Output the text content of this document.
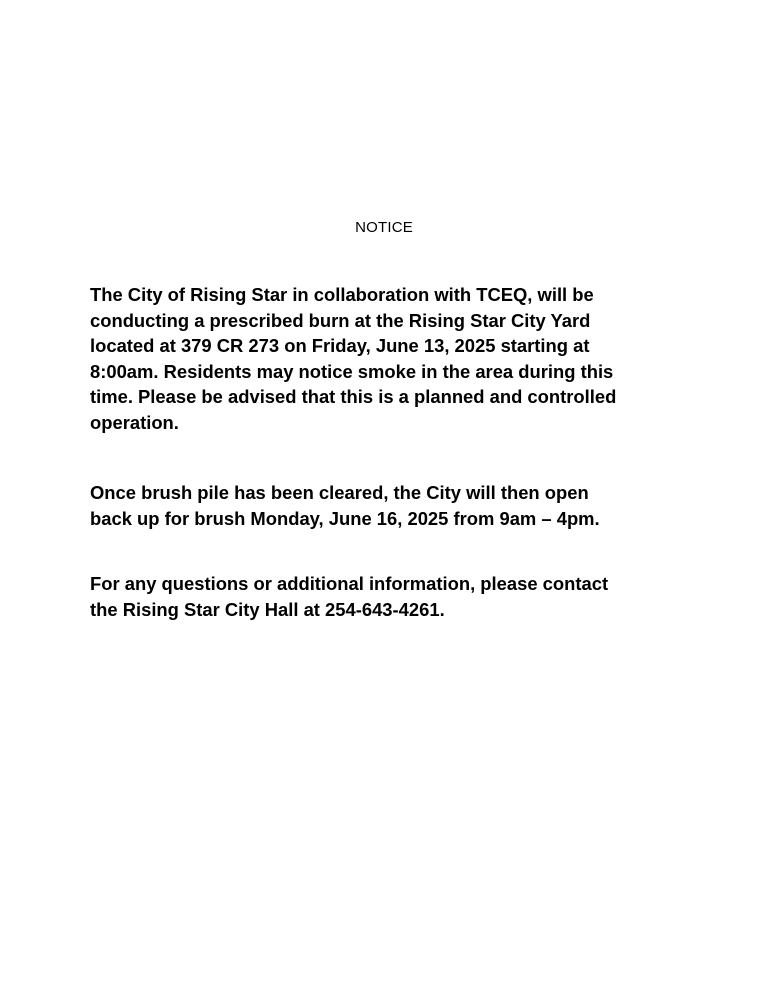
NOTICE

The City of Rising Star in collaboration with TCEQ, will be
conducting a prescribed burn at the Rising Star City Yard
located at 379 CR 273 on Friday, June 13, 2025 starting at
8:00am. Residents may notice smoke in the area during this
time. Please be advised that this is a planned and controlled
operation.

Once brush pile has been cleared, the City will then open
back up for brush Monday, June 16, 2025 from 9am – 4pm.

For any questions or additional information, please contact
the Rising Star City Hall at 254-643-4261.
